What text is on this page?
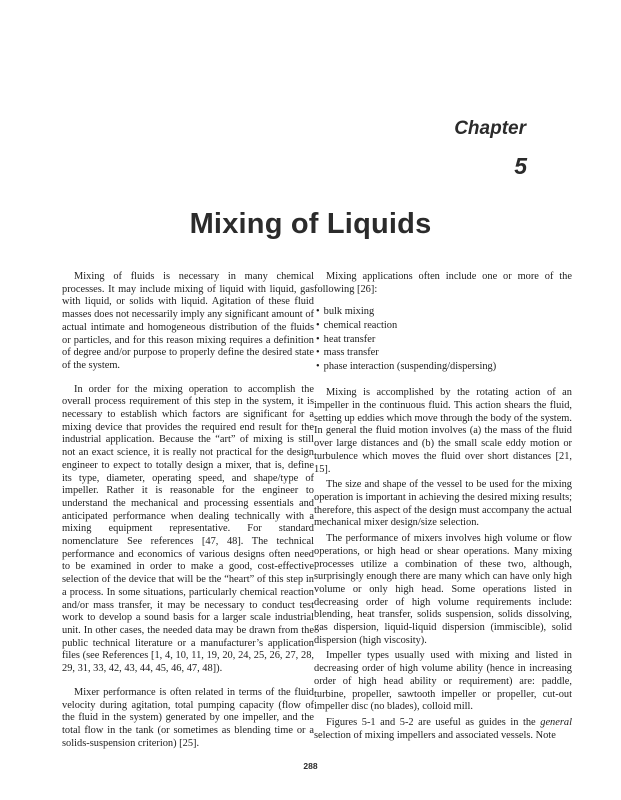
Chapter
5
Mixing of Liquids

Mixing of fluids is necessary in many chemical processes. It may include mixing of liquid with liquid, gas with liquid, or solids with liquid. Agitation of these fluid masses does not necessarily imply any significant amount of actual intimate and homogeneous distribution of the fluids or particles, and for this reason mixing requires a definition of degree and/or purpose to properly define the desired state of the system.

In order for the mixing operation to accomplish the overall process requirement of this step in the system, it is necessary to establish which factors are significant for a mixing device that provides the required end result for the industrial application. Because the “art” of mixing is still not an exact science, it is really not practical for the design engineer to expect to totally design a mixer, that is, define its type, diameter, operating speed, and shape/type of impeller. Rather it is reasonable for the engineer to understand the mechanical and processing essentials and anticipated performance when dealing technically with a mixing equipment representative. For standard nomenclature See references [47, 48]. The technical performance and economics of various designs often need to be examined in order to make a good, cost-effective selection of the device that will be the “heart” of this step in a process. In some situations, particularly chemical reaction and/or mass transfer, it may be necessary to conduct test work to develop a sound basis for a larger scale industrial unit. In other cases, the needed data may be drawn from the public technical literature or a manufacturer’s application files (see References [1, 4, 10, 11, 19, 20, 24, 25, 26, 27, 28, 29, 31, 33, 42, 43, 44, 45, 46, 47, 48]).

Mixer performance is often related in terms of the fluid velocity during agitation, total pumping capacity (flow of the fluid in the system) generated by one impeller, and the total flow in the tank (or sometimes as blending time or a solids-suspension criterion) [25].

Mixing applications often include one or more of the following [26]:

• bulk mixing
• chemical reaction
• heat transfer
• mass transfer
• phase interaction (suspending/dispersing)

Mixing is accomplished by the rotating action of an impeller in the continuous fluid. This action shears the fluid, setting up eddies which move through the body of the system. In general the fluid motion involves (a) the mass of the fluid over large distances and (b) the small scale eddy motion or turbulence which moves the fluid over short distances [21, 15].

The size and shape of the vessel to be used for the mixing operation is important in achieving the desired mixing results; therefore, this aspect of the design must accompany the actual mechanical mixer design/size selection.

The performance of mixers involves high volume or flow operations, or high head or shear operations. Many mixing processes utilize a combination of these two, although, surprisingly enough there are many which can have only high volume or only high head. Some operations listed in decreasing order of high volume requirements include: blending, heat transfer, solids suspension, solids dissolving, gas dispersion, liquid-liquid dispersion (immiscible), solid dispersion (high viscosity).

Impeller types usually used with mixing and listed in decreasing order of high volume ability (hence in increasing order of high head ability or requirement) are: paddle, turbine, propeller, sawtooth impeller or propeller, cut-out impeller disc (no blades), colloid mill.

Figures 5-1 and 5-2 are useful as guides in the general selection of mixing impellers and associated vessels. Note

288
